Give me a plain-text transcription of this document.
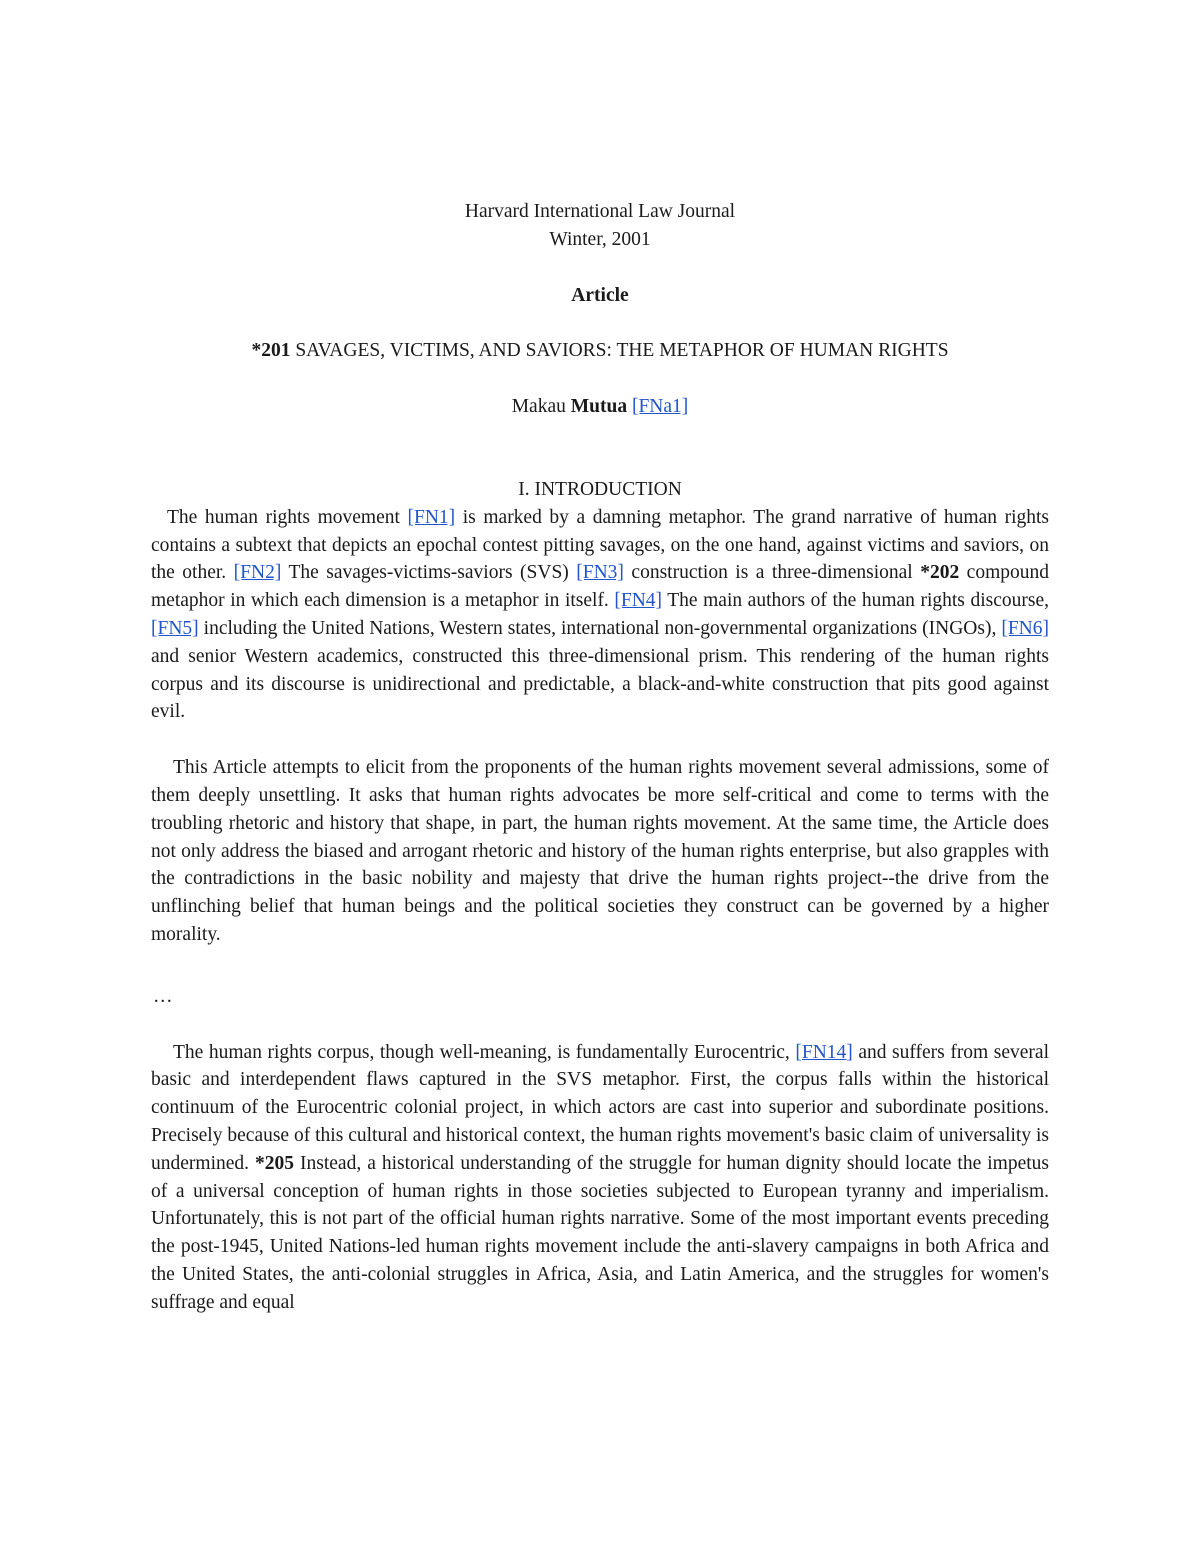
Harvard International Law Journal
Winter, 2001
Article
*201 SAVAGES, VICTIMS, AND SAVIORS: THE METAPHOR OF HUMAN RIGHTS
Makau Mutua [FNa1]
I. INTRODUCTION

The human rights movement [FN1] is marked by a damning metaphor. The grand narrative of human rights contains a subtext that depicts an epochal contest pitting savages, on the one hand, against victims and saviors, on the other. [FN2] The savages-victims-saviors (SVS) [FN3] construction is a three-dimensional *202 compound metaphor in which each dimension is a metaphor in itself. [FN4] The main authors of the human rights discourse, [FN5] including the United Nations, Western states, international non-governmental organizations (INGOs), [FN6] and senior Western academics, constructed this three-dimensional prism. This rendering of the human rights corpus and its discourse is unidirectional and predictable, a black-and-white construction that pits good against evil.

This Article attempts to elicit from the proponents of the human rights movement several admissions, some of them deeply unsettling. It asks that human rights advocates be more self-critical and come to terms with the troubling rhetoric and history that shape, in part, the human rights movement. At the same time, the Article does not only address the biased and arrogant rhetoric and history of the human rights enterprise, but also grapples with the contradictions in the basic nobility and majesty that drive the human rights project--the drive from the unflinching belief that human beings and the political societies they construct can be governed by a higher morality.

…

The human rights corpus, though well-meaning, is fundamentally Eurocentric, [FN14] and suffers from several basic and interdependent flaws captured in the SVS metaphor. First, the corpus falls within the historical continuum of the Eurocentric colonial project, in which actors are cast into superior and subordinate positions. Precisely because of this cultural and historical context, the human rights movement's basic claim of universality is undermined. *205 Instead, a historical understanding of the struggle for human dignity should locate the impetus of a universal conception of human rights in those societies subjected to European tyranny and imperialism. Unfortunately, this is not part of the official human rights narrative. Some of the most important events preceding the post-1945, United Nations-led human rights movement include the anti-slavery campaigns in both Africa and the United States, the anti-colonial struggles in Africa, Asia, and Latin America, and the struggles for women's suffrage and equal
